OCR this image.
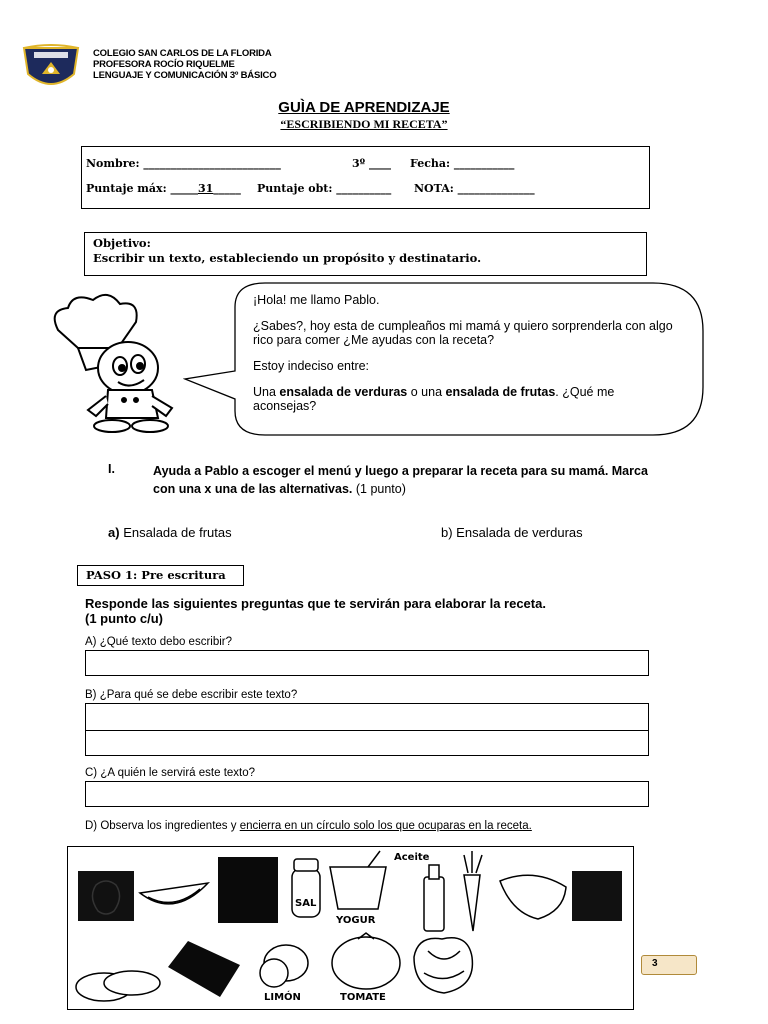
COLEGIO SAN CARLOS DE LA FLORIDA
PROFESORA ROCÍO RIQUELME
LENGUAJE Y COMUNICACIÓN 3º BÁSICO
GUÌA DE APRENDIZAJE
“ESCRIBIENDO MI RECETA”
Nombre: _________________________	3º ____ Fecha: ___________
Puntaje máx: _____31_____ Puntaje obt: __________ NOTA: ______________
Objetivo:
Escribir un texto, estableciendo un propósito y destinatario.

¡Hola! me llamo Pablo.

¿Sabes?, hoy esta de cumpleaños mi mamá y quiero sorprenderla con algo rico para comer ¿Me ayudas con la receta?

Estoy indeciso entre:

Una ensalada de verduras o una ensalada de frutas. ¿Qué me aconsejas?

I.	Ayuda a Pablo a escoger el menú y luego a preparar la receta para su mamá. Marca con una x una de las alternativas. (1 punto)
a) Ensalada de frutas	b) Ensalada de verduras
PASO 1: Pre escritura
Responde las siguientes preguntas que te servirán para elaborar la receta.
(1 punto c/u)
A) ¿Qué texto debo escribir?
B) ¿Para qué se debe escribir este texto?
C) ¿A quién le servirá este texto?
D) Observa los ingredientes y encierra en un círculo solo los que ocuparas en la receta.
SAL
YOGUR
Aceite
LIMÓN	TOMATE
3
